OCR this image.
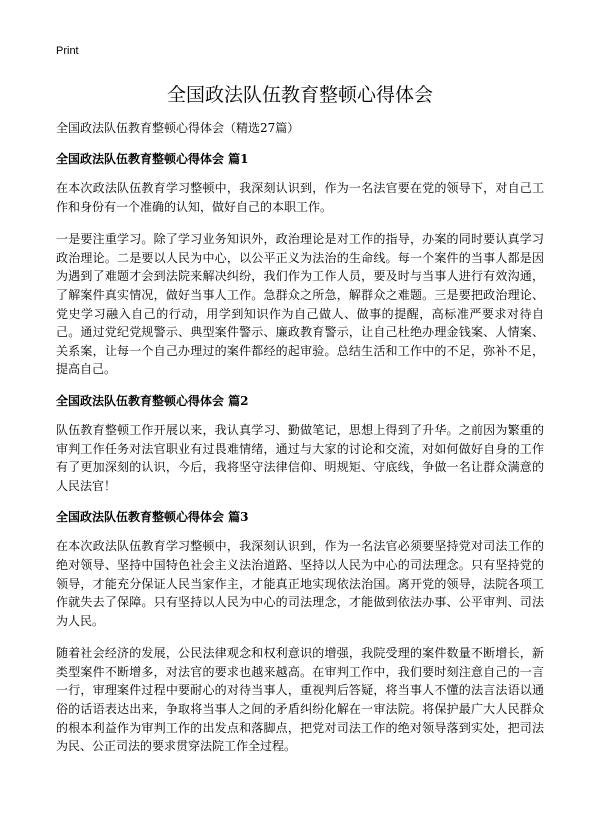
Print
全国政法队伍教育整顿心得体会
全国政法队伍教育整顿心得体会（精选27篇）
全国政法队伍教育整顿心得体会 篇1

在本次政法队伍教育学习整顿中，我深刻认识到，作为一名法官要在党的领导下，对自己工作和身份有一个准确的认知，做好自己的本职工作。

一是要注重学习。除了学习业务知识外，政治理论是对工作的指导，办案的同时要认真学习政治理论。二是要以人民为中心，以公平正义为法治的生命线。每一个案件的当事人都是因为遇到了难题才会到法院来解决纠纷，我们作为工作人员，要及时与当事人进行有效沟通，了解案件真实情况，做好当事人工作。急群众之所急，解群众之难题。三是要把政治理论、党史学习融入自己的行动，用学到知识作为自己做人、做事的提醒，高标准严要求对待自己。通过党纪党规警示、典型案件警示、廉政教育警示，让自己杜绝办理金钱案、人情案、关系案，让每一个自己办理过的案件都经的起审验。总结生活和工作中的不足，弥补不足，提高自己。

全国政法队伍教育整顿心得体会 篇2

队伍教育整顿工作开展以来，我认真学习、勤做笔记，思想上得到了升华。之前因为繁重的审判工作任务对法官职业有过畏难情绪，通过与大家的讨论和交流，对如何做好自身的工作有了更加深刻的认识，今后，我将坚守法律信仰、明规矩、守底线，争做一名让群众满意的人民法官！

全国政法队伍教育整顿心得体会 篇3

在本次政法队伍教育学习整顿中，我深刻认识到，作为一名法官必须要坚持党对司法工作的绝对领导、坚持中国特色社会主义法治道路、坚持以人民为中心的司法理念。只有坚持党的领导，才能充分保证人民当家作主，才能真正地实现依法治国。离开党的领导，法院各项工作就失去了保障。只有坚持以人民为中心的司法理念，才能做到依法办事、公平审判、司法为人民。

随着社会经济的发展，公民法律观念和权利意识的增强，我院受理的案件数量不断增长，新类型案件不断增多，对法官的要求也越来越高。在审判工作中，我们要时刻注意自己的一言一行，审理案件过程中要耐心的对待当事人，重视判后答疑，将当事人不懂的法言法语以通俗的话语表达出来，争取将当事人之间的矛盾纠纷化解在一审法院。将保护最广大人民群众的根本利益作为审判工作的出发点和落脚点，把党对司法工作的绝对领导落到实处，把司法为民、公正司法的要求贯穿法院工作全过程。
